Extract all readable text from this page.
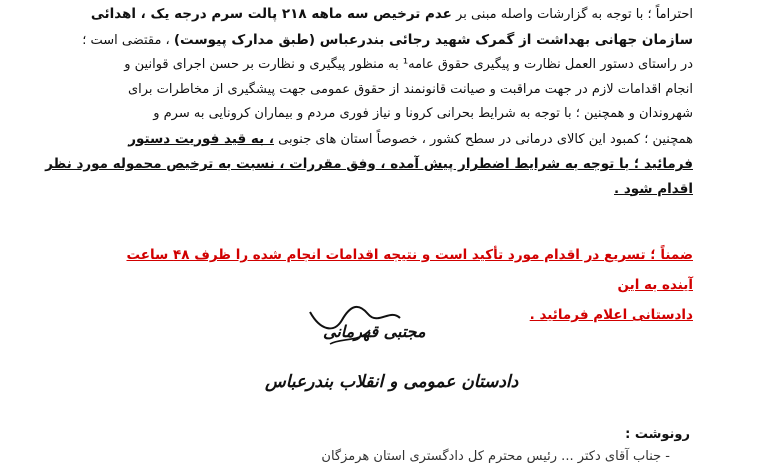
احتراماً ؛ با توجه به گزارشات واصله مبنی بر عدم ترخیص سه ماهه ۲۱۸ پالت سرم درجه یک ، اهدائی
سازمان جهانی بهداشت از گمرک شهید رجائی بندرعباس (طبق مدارک پیوست) ، مقتضی است ؛
در راستای دستور العمل نظارت و پیگیری حقوق عامه¹ به منظور پیگیری و نظارت بر حسن اجرای قوانین و
انجام اقدامات لازم در جهت مراقبت و صیانت قانونمند از حقوق عمومی جهت پیشگیری از مخاطرات برای
شهروندان و همچنین ؛ با توجه به شرایط بحرانی کرونا و نیاز فوری مردم و بیماران کرونایی به سرم و
همچنین ؛ کمبود این کالای درمانی در سطح کشور ، خصوصاً استان های جنوبی ، به قید فوریت دستور
فرمائید ؛ با توجه به شرایط اضطرار پیش آمده ، وفق مقررات ، نسبت به ترخیص محموله مورد نظر
اقدام شود .
ضمناً ؛ تسریع در اقدام مورد تأکید است و نتیجه اقدامات انجام شده را ظرف ۴۸ ساعت آینده به این
دادستانی اعلام فرمائید .
مجتبی قهرمانی
دادستان عمومی و انقلاب بندرعباس
رونوشت :
- جناب آقای دکتر ... رئیس محترم کل دادگستری استان هرمزگان
